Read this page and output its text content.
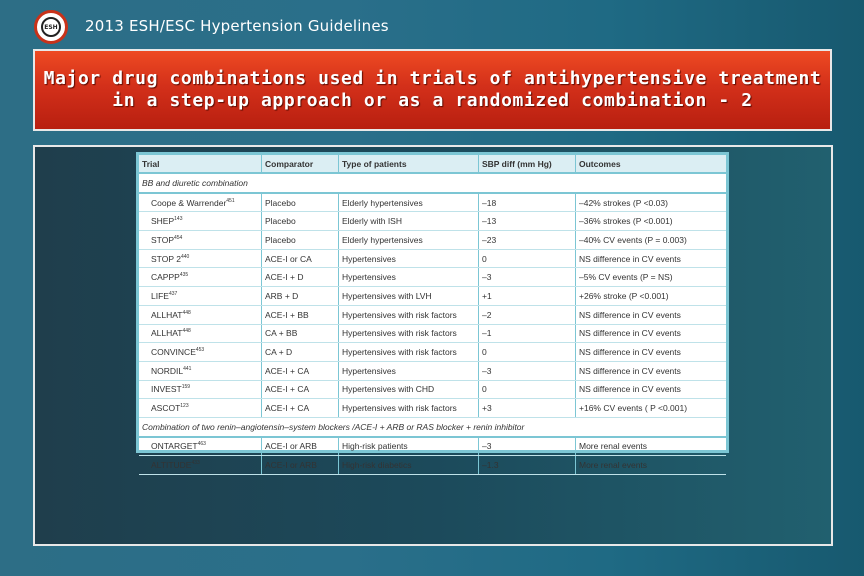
ESH 2013 ESH/ESC Hypertension Guidelines
Major drug combinations used in trials of antihypertensive treatment
in a step-up approach or as a randomized combination - 2
Trial	Comparator	Type of patients	SBP diff (mm Hg)	Outcomes
BB and diuretic combination				
Coope & Warrender$^{451}$	Placebo	Elderly hypertensives	–18	–42% strokes (P <0.03)
SHEP$^{143}$	Placebo	Elderly with ISH	–13	–36% strokes (P <0.001)
STOP$^{454}$	Placebo	Elderly hypertensives	–23	–40% CV events (P = 0.003)
STOP $2^{440}$	ACE-I or CA	Hypertensives	0	NS difference in CV events
CAPPP$^{435}$	ACE-I + D	Hypertensives	–3	–5% CV events (P = NS)
LIFE$^{437}$	ARB + D	Hypertensives with LVH	+1	+26% stroke (P <0.001)
ALLHAT$^{448}$	ACE-I + BB	Hypertensives with risk factors	–2	NS difference in CV events
ALLHAT$^{448}$	CA + BB	Hypertensives with risk factors	–1	NS difference in CV events
CONVINCE$^{453}$	CA + D	Hypertensives with risk factors	0	NS difference in CV events
NORDIL$^{441}$	ACE-I + CA	Hypertensives	–3	NS difference in CV events
INVEST$^{159}$	ACE-I + CA	Hypertensives with CHD	0	NS difference in CV events
ASCOT$^{123}$	ACE-I + CA	Hypertensives with risk factors	+3	+16% CV events ( P <0.001)
Combination of two renin–angiotensin–system blockers /ACE-I + ARB or RAS blocker + renin inhibitor				
ONTARGET$^{463}$	ACE-I or ARB	High-risk patients	–3	More renal events
ALTITUDE$^{433}$	ACE-I or ARB	High-risk diabetics	–1.3	More renal events
